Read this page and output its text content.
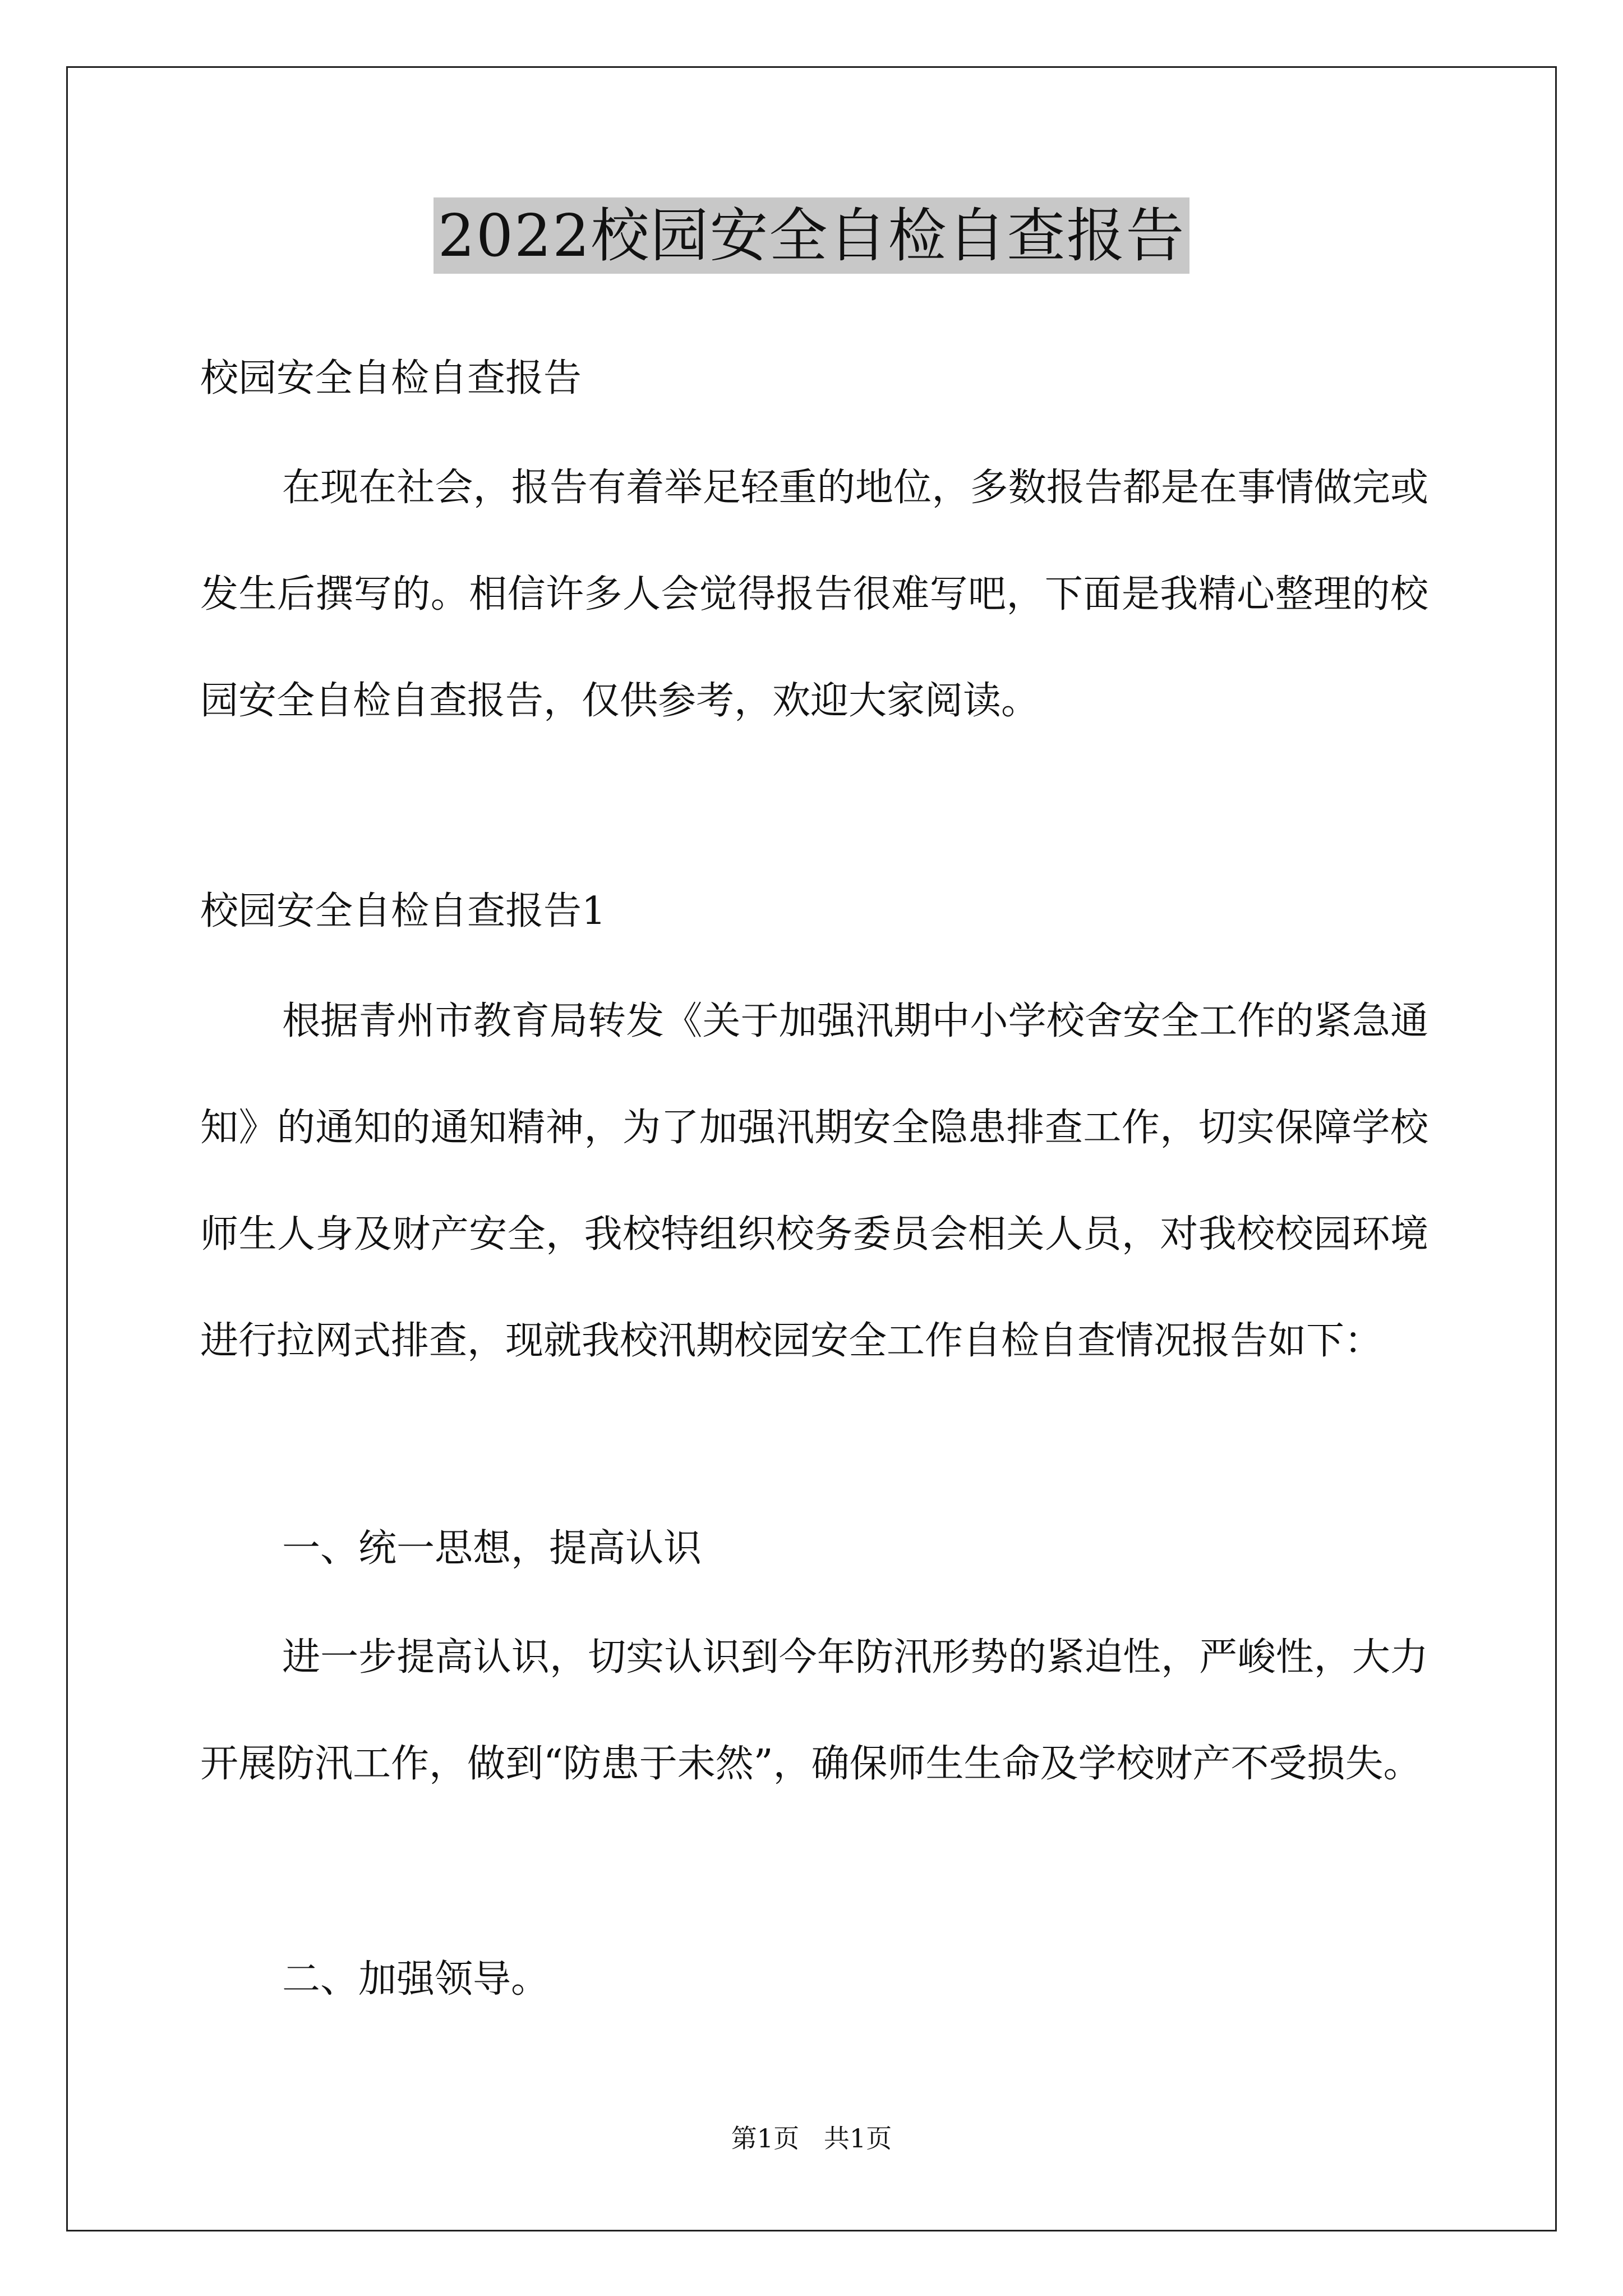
2022校园安全自检自查报告
校园安全自检自查报告
在现在社会，报告有着举足轻重的地位，多数报告都是在事情做完或发生后撰写的。相信许多人会觉得报告很难写吧，下面是我精心整理的校园安全自检自查报告，仅供参考，欢迎大家阅读。
校园安全自检自查报告1
根据青州市教育局转发《关于加强汛期中小学校舍安全工作的紧急通知》的通知的通知精神，为了加强汛期安全隐患排查工作，切实保障学校师生人身及财产安全，我校特组织校务委员会相关人员，对我校校园环境进行拉网式排查，现就我校汛期校园安全工作自检自查情况报告如下：
一、统一思想，提高认识
进一步提高认识，切实认识到今年防汛形势的紧迫性，严峻性，大力开展防汛工作，做到“防患于未然”，确保师生生命及学校财产不受损失。
二、加强领导。
第1页   共1页
